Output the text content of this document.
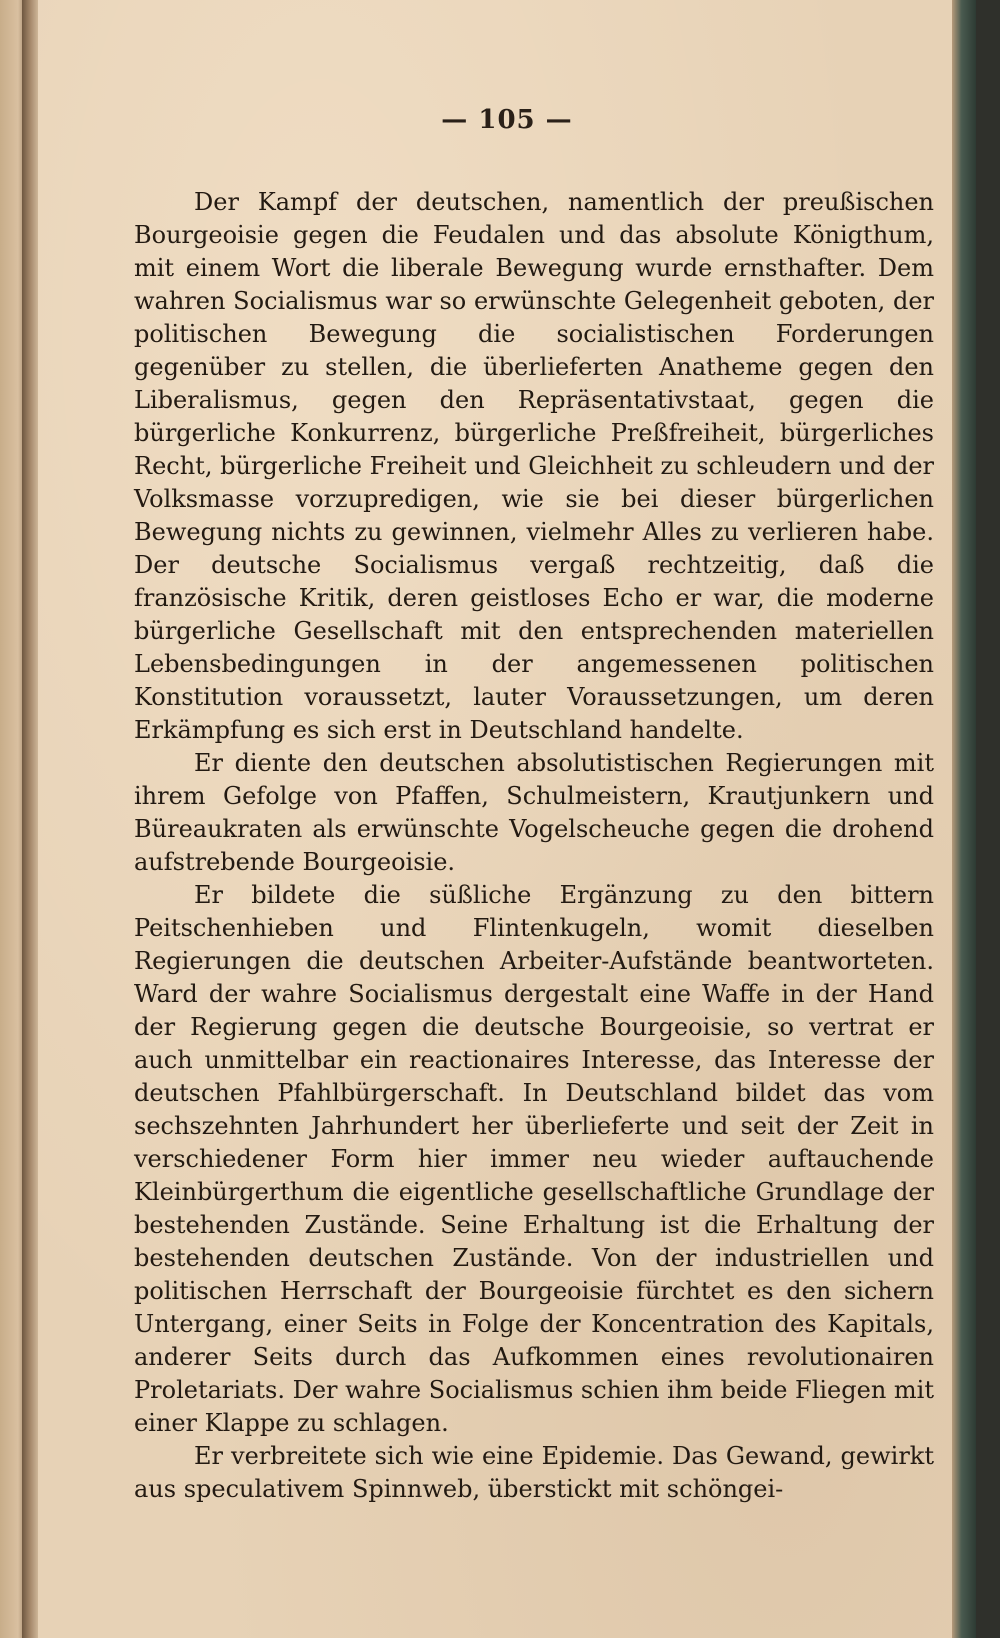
— 105 —

Der Kampf der deutschen, namentlich der preußischen Bourgeoisie gegen die Feudalen und das absolute Königthum, mit einem Wort die liberale Bewegung wurde ernsthafter. Dem wahren Socialismus war so erwünschte Gelegenheit geboten, der politischen Bewegung die socialistischen Forderungen gegenüber zu stellen, die überlieferten Anatheme gegen den Liberalismus, gegen den Repräsentativstaat, gegen die bürgerliche Konkurrenz, bürgerliche Preßfreiheit, bürgerliches Recht, bürgerliche Freiheit und Gleichheit zu schleudern und der Volksmasse vorzupredigen, wie sie bei dieser bürgerlichen Bewegung nichts zu gewinnen, vielmehr Alles zu verlieren habe. Der deutsche Socialismus vergaß rechtzeitig, daß die französische Kritik, deren geistloses Echo er war, die moderne bürgerliche Gesellschaft mit den entsprechenden materiellen Lebensbedingungen in der angemessenen politischen Konstitution voraussetzt, lauter Voraussetzungen, um deren Erkämpfung es sich erst in Deutschland handelte.

Er diente den deutschen absolutistischen Regierungen mit ihrem Gefolge von Pfaffen, Schulmeistern, Krautjunkern und Büreaukraten als erwünschte Vogelscheuche gegen die drohend aufstrebende Bourgeoisie.

Er bildete die süßliche Ergänzung zu den bittern Peitschenhieben und Flintenkugeln, womit dieselben Regierungen die deutschen Arbeiter-Aufstände beantworteten. Ward der wahre Socialismus dergestalt eine Waffe in der Hand der Regierung gegen die deutsche Bourgeoisie, so vertrat er auch unmittelbar ein reactionaires Interesse, das Interesse der deutschen Pfahlbürgerschaft. In Deutschland bildet das vom sechszehnten Jahrhundert her überlieferte und seit der Zeit in verschiedener Form hier immer neu wieder auftauchende Kleinbürgerthum die eigentliche gesellschaftliche Grundlage der bestehenden Zustände. Seine Erhaltung ist die Erhaltung der bestehenden deutschen Zustände. Von der industriellen und politischen Herrschaft der Bourgeoisie fürchtet es den sichern Untergang, einer Seits in Folge der Koncentration des Kapitals, anderer Seits durch das Aufkommen eines revolutionairen Proletariats. Der wahre Socialismus schien ihm beide Fliegen mit einer Klappe zu schlagen.

Er verbreitete sich wie eine Epidemie. Das Gewand, gewirkt aus speculativem Spinnweb, überstickt mit schöngei-
